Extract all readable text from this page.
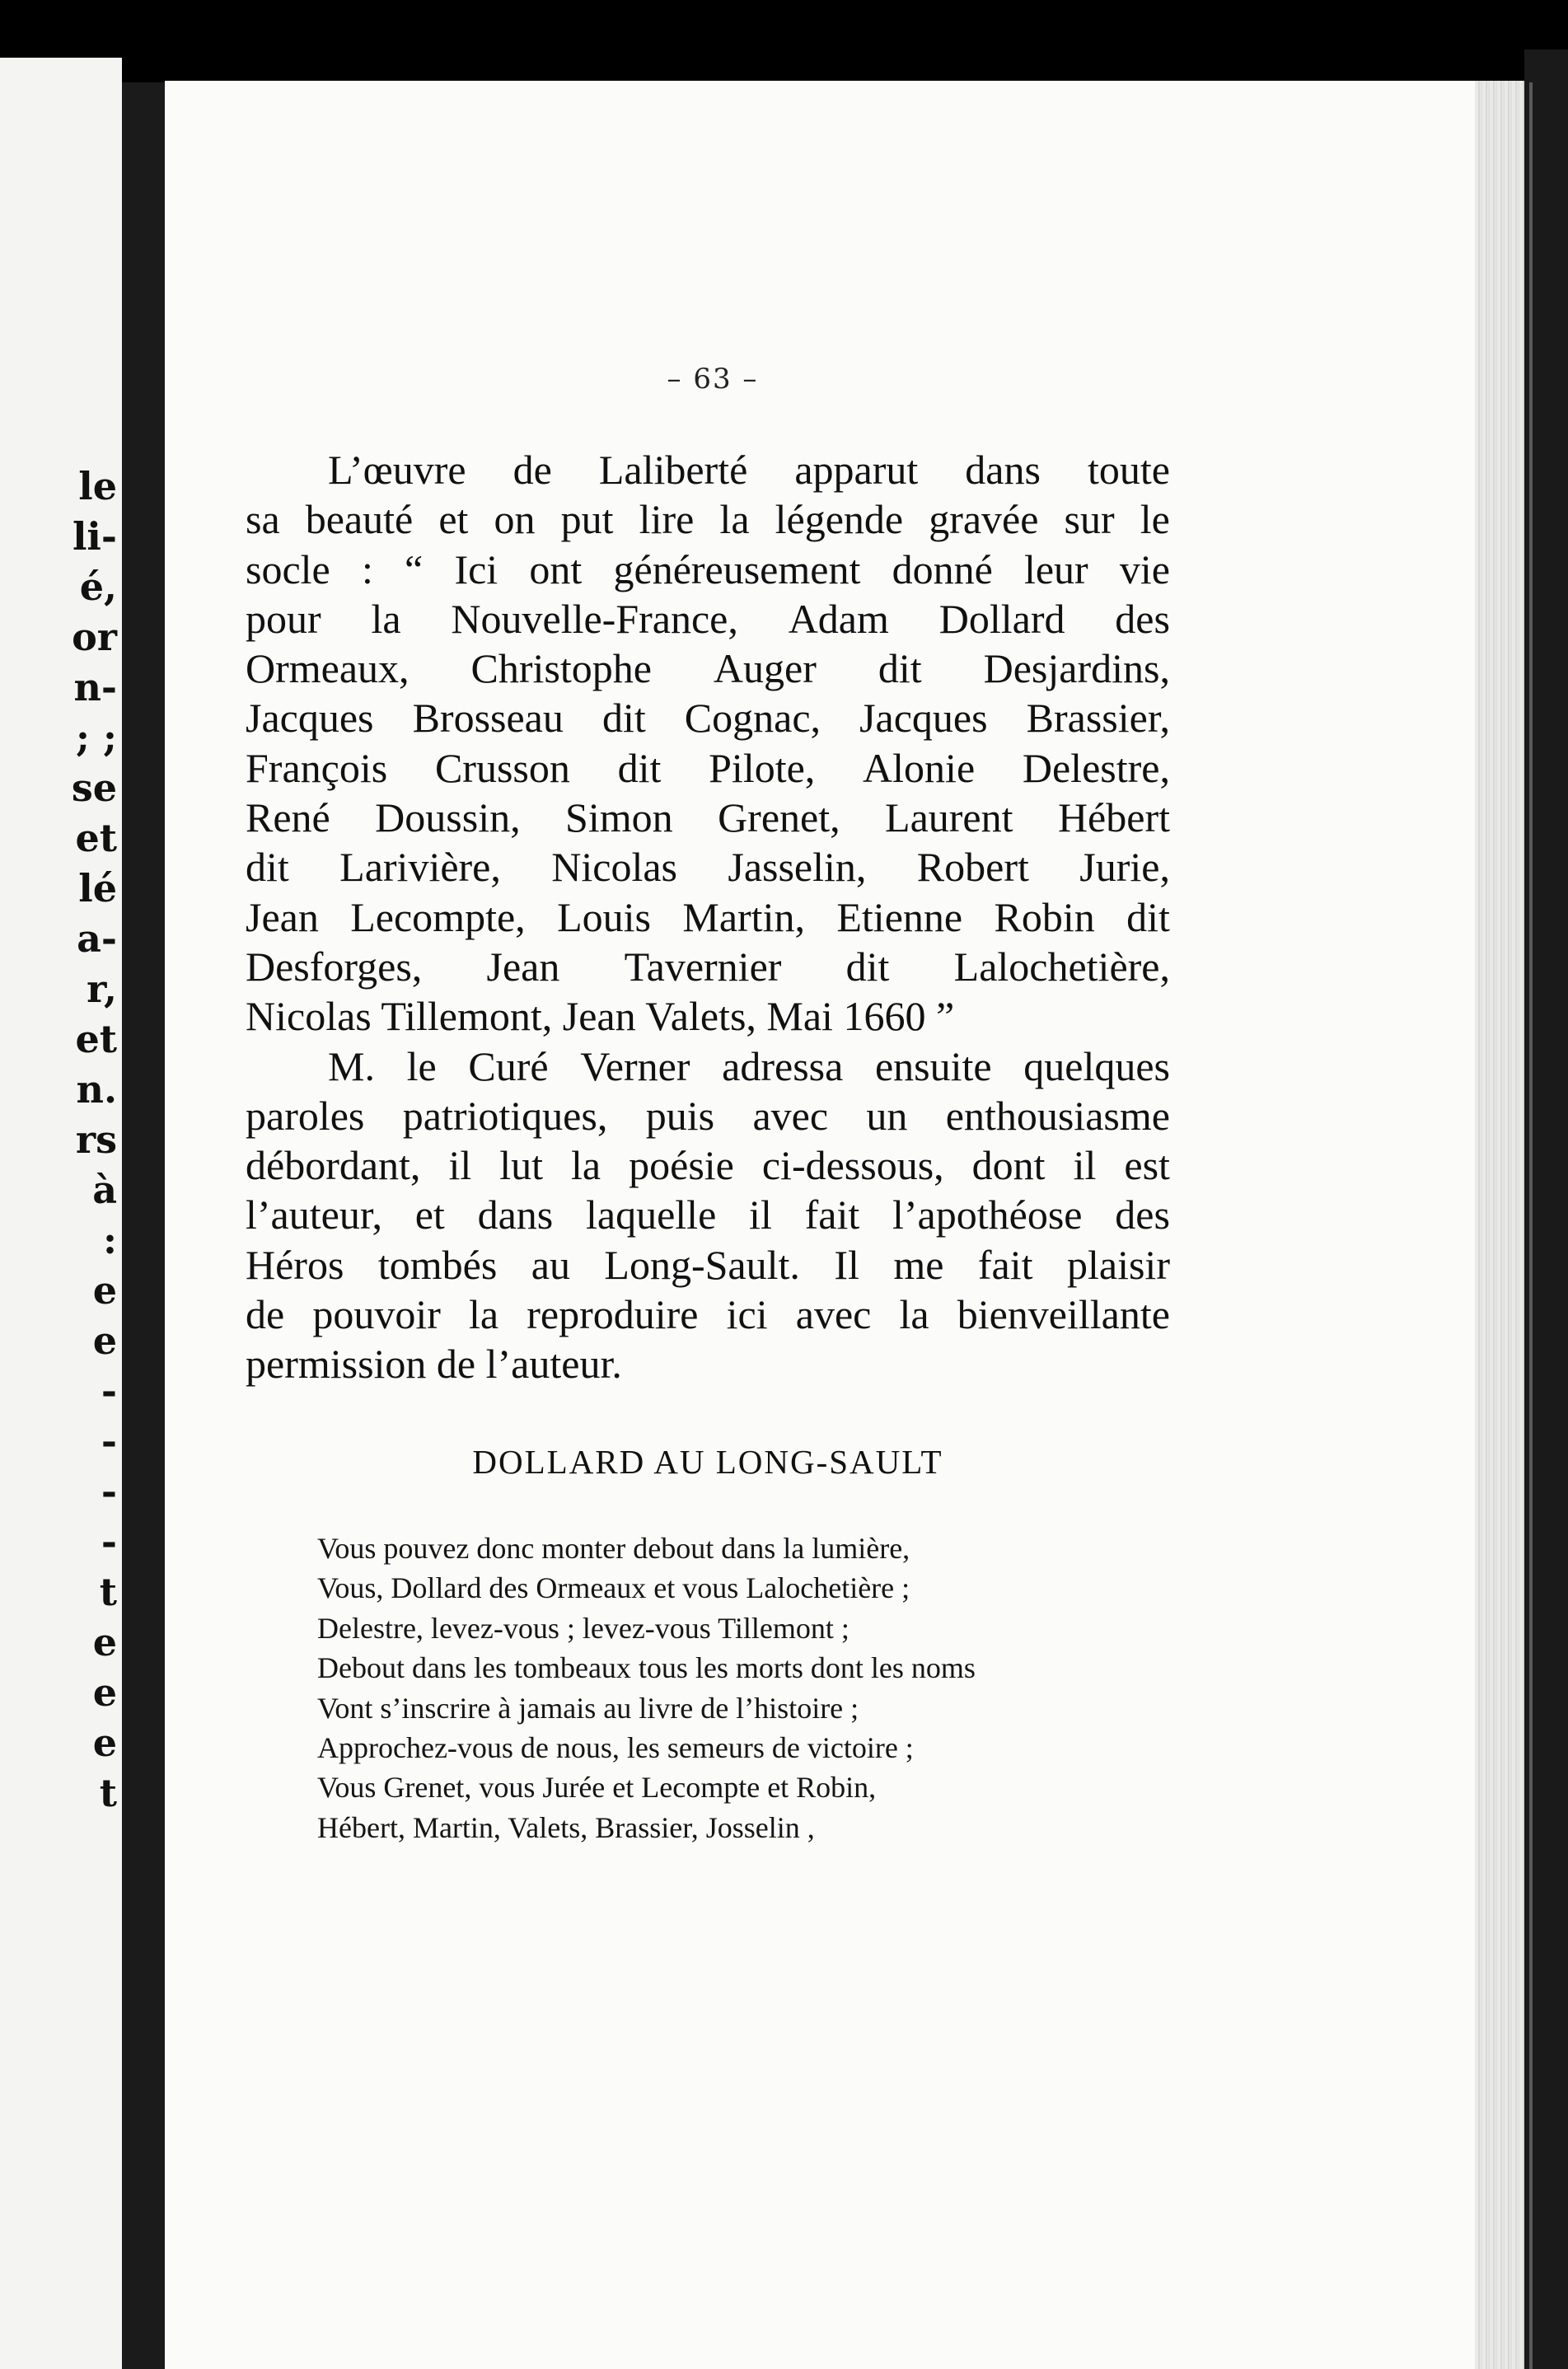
le
li-
é,
or
n-
; ;
se
et
lé
a-
r,
et
n.
rs
à
:
e
e
-
-
-
-
t
e
e
e
t
– 63 –
L’œuvre de Laliberté apparut dans toute
sa beauté et on put lire la légende gravée sur le
socle : “ Ici ont généreusement donné leur vie
pour la Nouvelle-France, Adam Dollard des
Ormeaux, Christophe Auger dit Desjardins,
Jacques Brosseau dit Cognac, Jacques Brassier,
François Crusson dit Pilote, Alonie Delestre,
René Doussin, Simon Grenet, Laurent Hébert
dit Larivière, Nicolas Jasselin, Robert Jurie,
Jean Lecompte, Louis Martin, Etienne Robin dit
Desforges, Jean Tavernier dit Lalochetière,
Nicolas Tillemont, Jean Valets, Mai 1660 ”
M. le Curé Verner adressa ensuite quelques
paroles patriotiques, puis avec un enthousiasme
débordant, il lut la poésie ci-dessous, dont il est
l’auteur, et dans laquelle il fait l’apothéose des
Héros tombés au Long-Sault. Il me fait plaisir
de pouvoir la reproduire ici avec la bienveillante
permission de l’auteur.
DOLLARD AU LONG-SAULT
Vous pouvez donc monter debout dans la lumière,
Vous, Dollard des Ormeaux et vous Lalochetière ;
Delestre, levez-vous ; levez-vous Tillemont ;
Debout dans les tombeaux tous les morts dont les noms
Vont s’inscrire à jamais au livre de l’histoire ;
Approchez-vous de nous, les semeurs de victoire ;
Vous Grenet, vous Jurée et Lecompte et Robin,
Hébert, Martin, Valets, Brassier, Josselin ,
